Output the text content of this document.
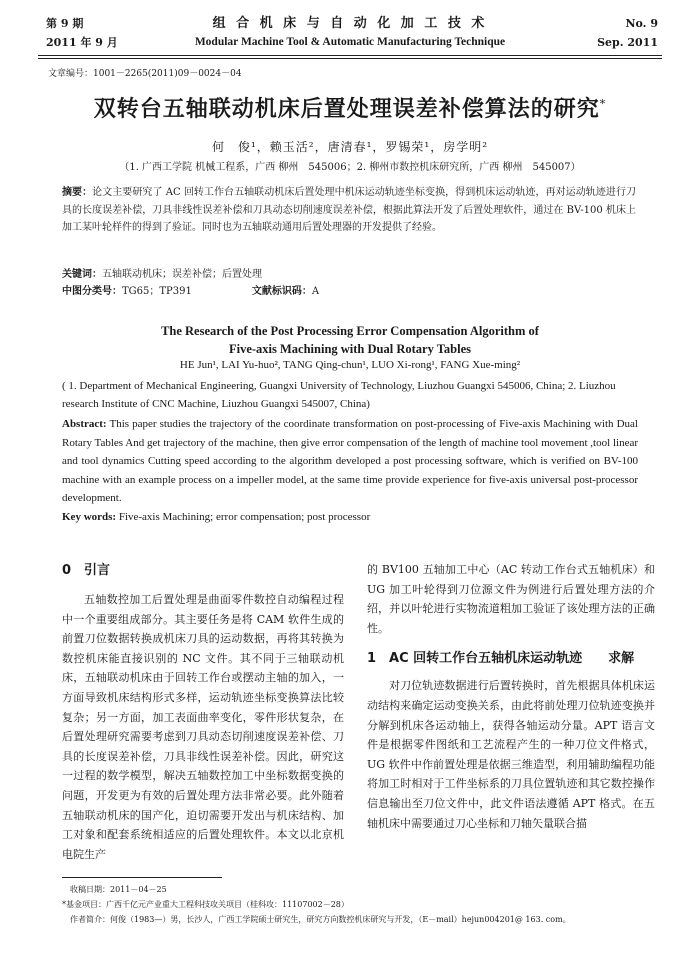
第 9 期
2011 年 9 月
组 合 机 床 与 自 动 化 加 工 技 术
Modular Machine Tool & Automatic Manufacturing Technique
No. 9
Sep. 2011
文章编号：1001－2265(2011)09－0024－04
双转台五轴联动机床后置处理误差补偿算法的研究*
何　俊¹，赖玉活²，唐清春¹，罗锡荣¹，房学明²
（1. 广西工学院 机械工程系，广西 柳州　545006；2. 柳州市数控机床研究所，广西 柳州　545007）
摘要：论文主要研究了 AC 回转工作台五轴联动机床后置处理中机床运动轨迹坐标变换，得到机床运动轨迹，再对运动轨迹进行刀具的长度误差补偿，刀具非线性误差补偿和刀具动态切削速度误差补偿，根据此算法开发了后置处理软件，通过在 BV-100 机床上加工某叶轮样件的得到了验证。同时也为五轴联动通用后置处理器的开发提供了经验。
关键词：五轴联动机床；误差补偿；后置处理
中图分类号：TG65；TP391	文献标识码：A
The Research of the Post Processing Error Compensation Algorithm of
Five-axis Machining with Dual Rotary Tables
HE Jun¹, LAI Yu-huo², TANG Qing-chun¹, LUO Xi-rong¹, FANG Xue-ming²
( 1. Department of Mechanical Engineering, Guangxi University of Technology, Liuzhou Guangxi 545006, China; 2. Liuzhou research Institute of CNC Machine, Liuzhou Guangxi 545007, China)
Abstract: This paper studies the trajectory of the coordinate transformation on post-processing of Five-axis Machining with Dual Rotary Tables And get trajectory of the machine, then give error compensation of the length of machine tool movement ,tool linear and tool dynamics Cutting speed according to the algorithm developed a post processing software, which is verified on BV-100 machine with an example process on a impeller model, at the same time provide experience for five-axis universal post-processor development.
Key words: Five-axis Machining; error compensation; post processor
0　引言
五轴数控加工后置处理是曲面零件数控自动编程过程中一个重要组成部分。其主要任务是将 CAM 软件生成的前置刀位数据转换成机床刀具的运动数据，再将其转换为数控机床能直接识别的 NC 文件。其不同于三轴联动机床，五轴联动机床由于回转工作台或摆动主轴的加入，一方面导致机床结构形式多样，运动轨迹坐标变换算法比较复杂；另一方面，加工表面曲率变化，零件形状复杂，在后置处理研究需要考虑到刀具动态切削速度误差补偿、刀具的长度误差补偿，刀具非线性误差补偿。因此，研究这一过程的数学模型，解决五轴数控加工中坐标数据变换的问题，开发更为有效的后置处理方法非常必要。此外随着五轴联动机床的国产化，迫切需要开发出与机床结构、加工对象和配套系统相适应的后置处理软件。本文以北京机电院生产
的 BV100 五轴加工中心（AC 转动工作台式五轴机床）和 UG 加工叶轮得到刀位源文件为例进行后置处理方法的介绍，并以叶轮进行实物流道粗加工验证了该处理方法的正确性。
1　AC 回转工作台五轴机床运动轨迹　　求解
对刀位轨迹数据进行后置转换时，首先根据具体机床运动结构来确定运动变换关系，由此将前处理刀位轨迹变换并分解到机床各运动轴上，获得各轴运动分量。APT 语言文件是根据零件图纸和工艺流程产生的一种刀位文件格式，UG 软件中作前置处理是依据三维造型，利用辅助编程功能将加工时相对于工件坐标系的刀具位置轨迹和其它数控操作信息输出至刀位文件中，此文件语法遵循 APT 格式。在五轴机床中需要通过刀心坐标和刀轴矢量联合描
收稿日期：2011－04－25
*基金项目：广西千亿元产业重大工程科技攻关项目（桂科攻：11107002－28）
作者简介：何俊（1983—）男，长沙人，广西工学院硕士研究生，研究方向数控机床研究与开发，（E－mail）hejun004201@ 163. com。
